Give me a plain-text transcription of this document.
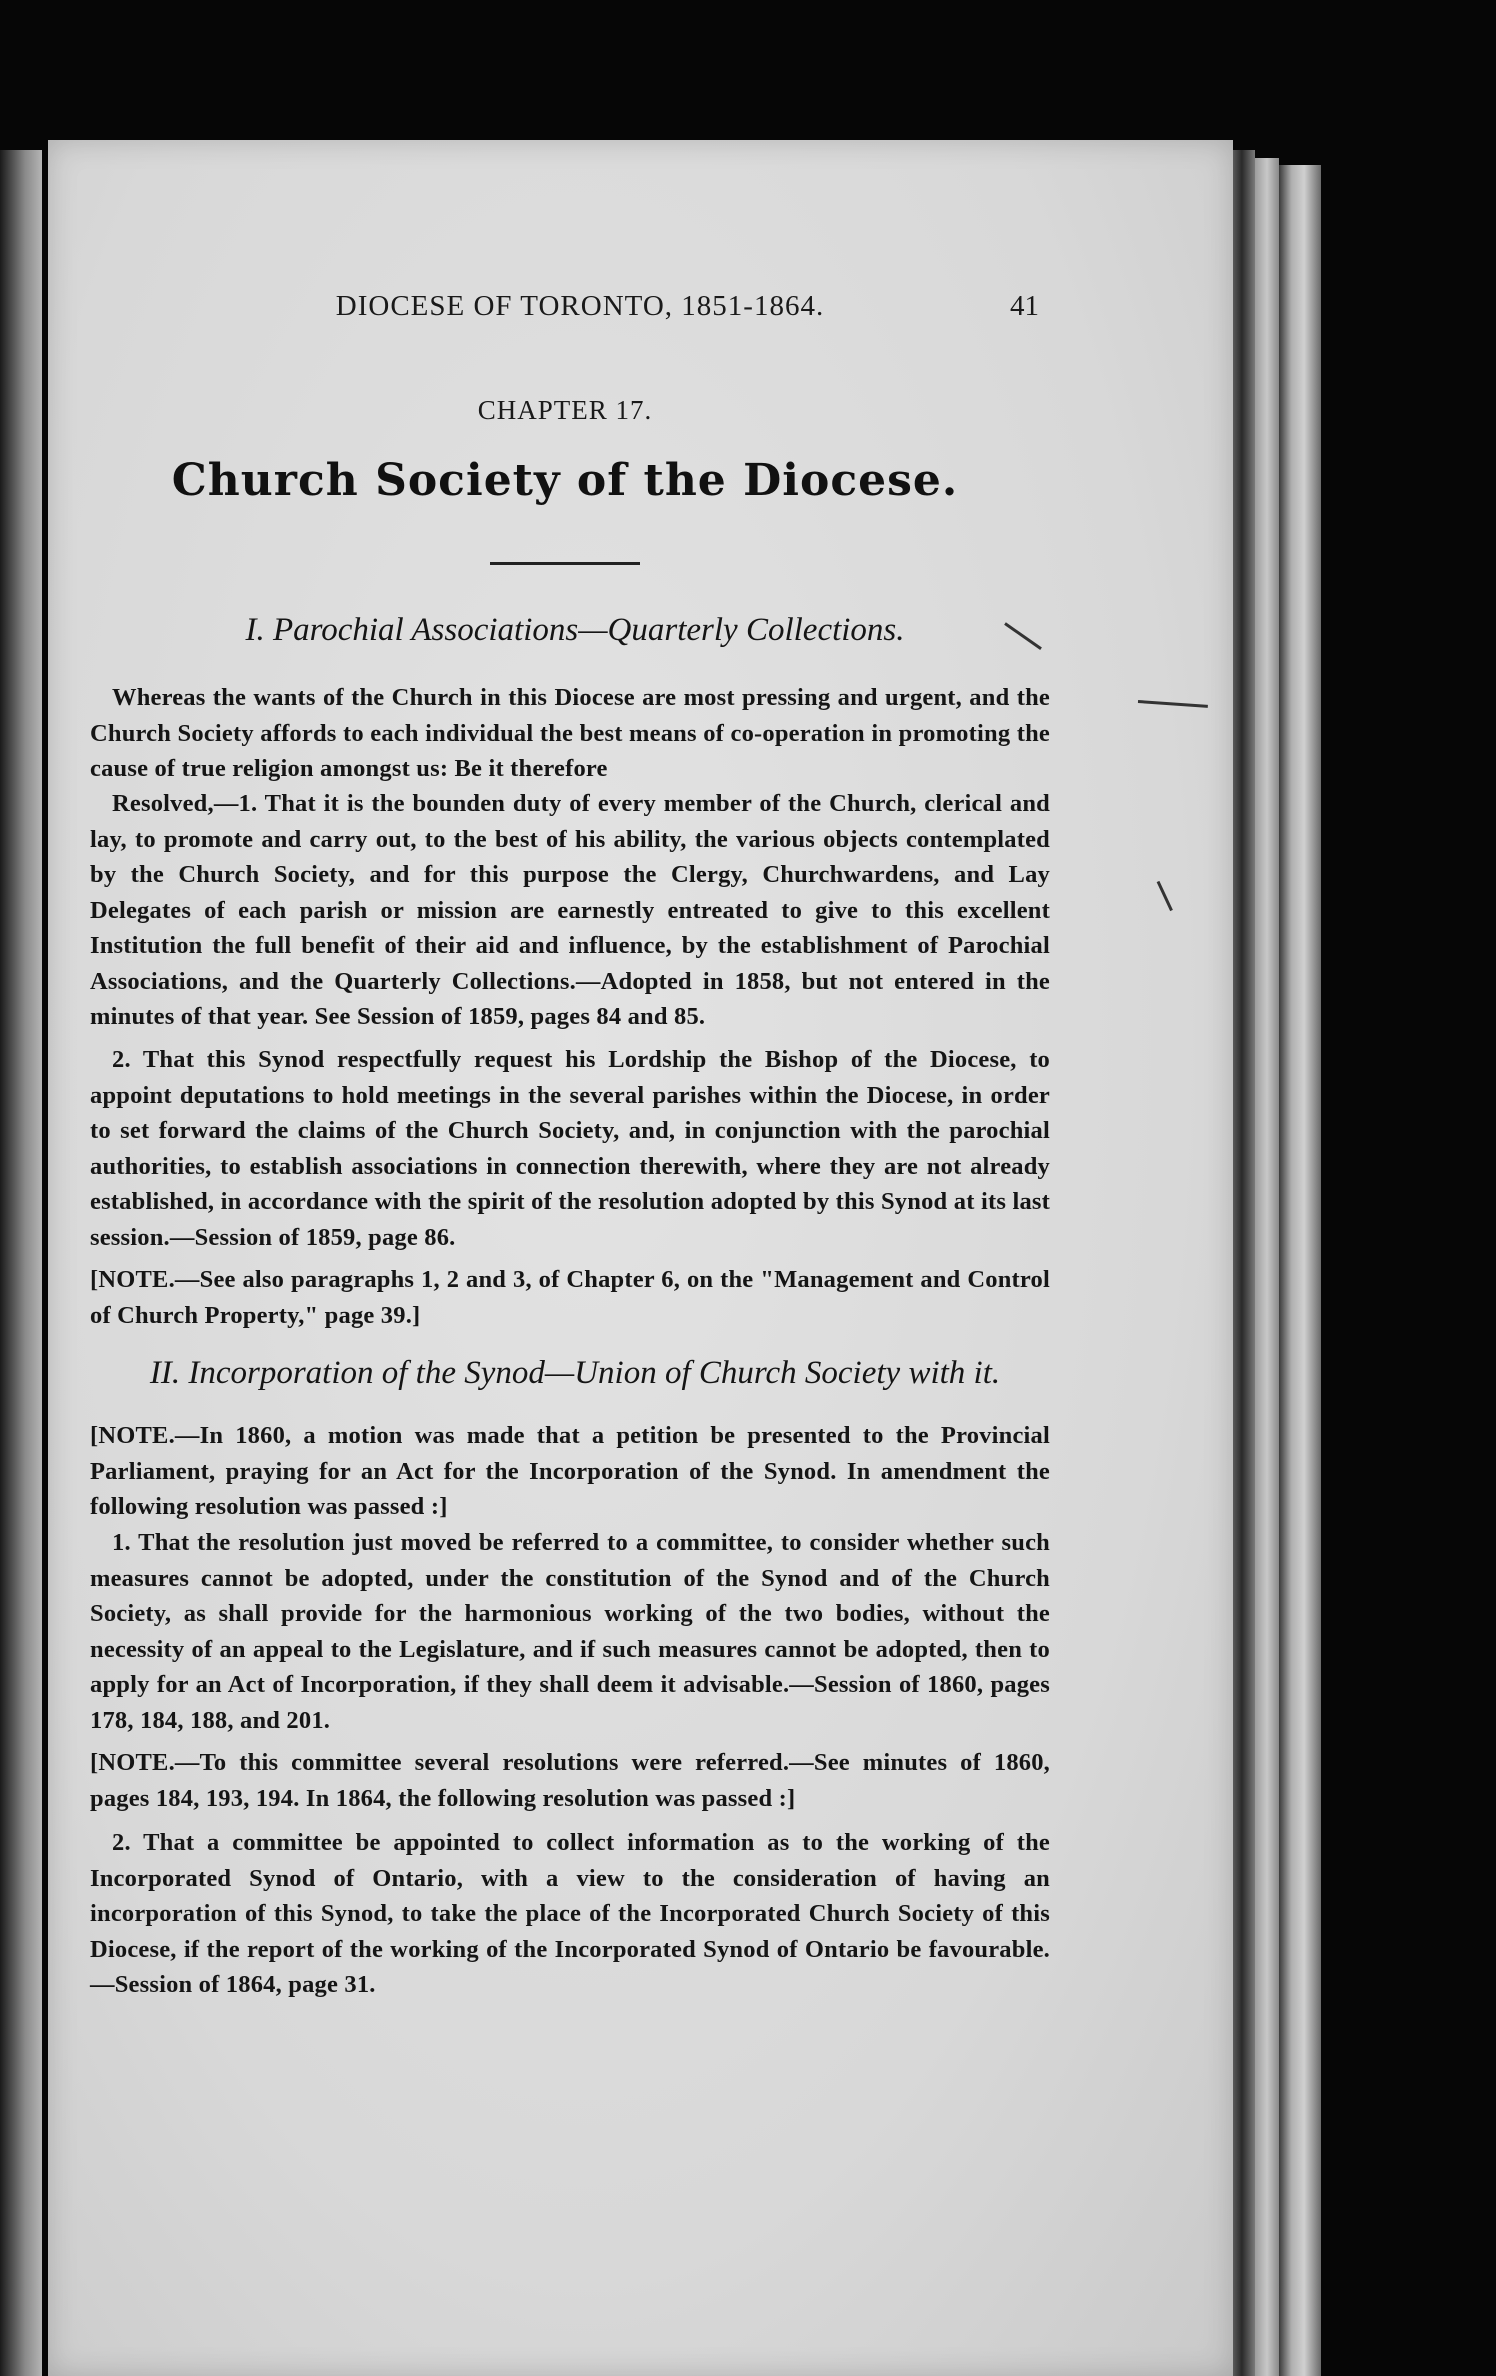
DIOCESE OF TORONTO, 1851-1864.	41
CHAPTER 17.
Church Society of the Diocese.
I. Parochial Associations—Quarterly Collections.
Whereas the wants of the Church in this Diocese are most pressing and urgent, and the Church Society affords to each individual the best means of co-operation in promoting the cause of true religion amongst us: Be it therefore
Resolved,—1. That it is the bounden duty of every member of the Church, clerical and lay, to promote and carry out, to the best of his ability, the various objects contemplated by the Church Society, and for this purpose the Clergy, Churchwardens, and Lay Delegates of each parish or mission are earnestly entreated to give to this excellent Institution the full benefit of their aid and influence, by the establishment of Parochial Associations, and the Quarterly Collections.—Adopted in 1858, but not entered in the minutes of that year. See Session of 1859, pages 84 and 85.
2. That this Synod respectfully request his Lordship the Bishop of the Diocese, to appoint deputations to hold meetings in the several parishes within the Diocese, in order to set forward the claims of the Church Society, and, in conjunction with the parochial authorities, to establish associations in connection therewith, where they are not already established, in accordance with the spirit of the resolution adopted by this Synod at its last session.—Session of 1859, page 86.
[NOTE.—See also paragraphs 1, 2 and 3, of Chapter 6, on the "Management and Control of Church Property," page 39.]
II. Incorporation of the Synod—Union of Church Society with it.
[NOTE.—In 1860, a motion was made that a petition be presented to the Provincial Parliament, praying for an Act for the Incorporation of the Synod. In amendment the following resolution was passed :]
1. That the resolution just moved be referred to a committee, to consider whether such measures cannot be adopted, under the constitution of the Synod and of the Church Society, as shall provide for the harmonious working of the two bodies, without the necessity of an appeal to the Legislature, and if such measures cannot be adopted, then to apply for an Act of Incorporation, if they shall deem it advisable.—Session of 1860, pages 178, 184, 188, and 201.
[NOTE.—To this committee several resolutions were referred.—See minutes of 1860, pages 184, 193, 194. In 1864, the following resolution was passed :]
2. That a committee be appointed to collect information as to the working of the Incorporated Synod of Ontario, with a view to the consideration of having an incorporation of this Synod, to take the place of the Incorporated Church Society of this Diocese, if the report of the working of the Incorporated Synod of Ontario be favourable.—Session of 1864, page 31.
